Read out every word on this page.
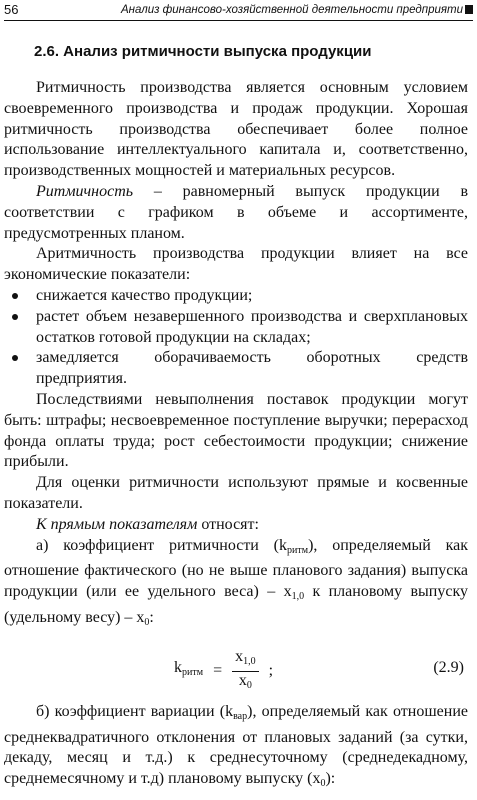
56	Анализ финансово-хозяйственной деятельности предприяти
2.6. Анализ ритмичности выпуска продукции

Ритмичность производства является основным условием своевременного производства и продаж продукции. Хорошая ритмичность производства обеспечивает более полное использование интеллектуального капитала и, соответственно, производственных мощностей и материальных ресурсов.

Ритмичность – равномерный выпуск продукции в соответствии с графиком в объеме и ассортименте, предусмотренных планом.

Аритмичность производства продукции влияет на все экономические показатели:

снижается качество продукции;
растет объем незавершенного производства и сверхплановых остатков готовой продукции на складах;
замедляется оборачиваемость оборотных средств предприятия.

Последствиями невыполнения поставок продукции могут быть: штрафы; несвоевременное поступление выручки; перерасход фонда оплаты труда; рост себестоимости продукции; снижение прибыли.

Для оценки ритмичности используют прямые и косвенные показатели.

К прямым показателям относят:

а) коэффициент ритмичности $(k_{ритм})$, определяемый как отношение фактического (но не выше планового задания) выпуска продукции (или ее удельного веса) – $x_{1,0}$ к плановому выпуску (удельному весу) – $x_0$:

$k_{ритм} = \frac{x_{1,0}}{x_0}$ ;	(2.9)

б) коэффициент вариации $(k_{вар})$, определяемый как отношение среднеквадратичного отклонения от плановых заданий (за сутки, декаду, месяц и т.д.) к среднесуточному (среднедекадному, среднемесячному и т.д) плановому выпуску $(x_0)$:
